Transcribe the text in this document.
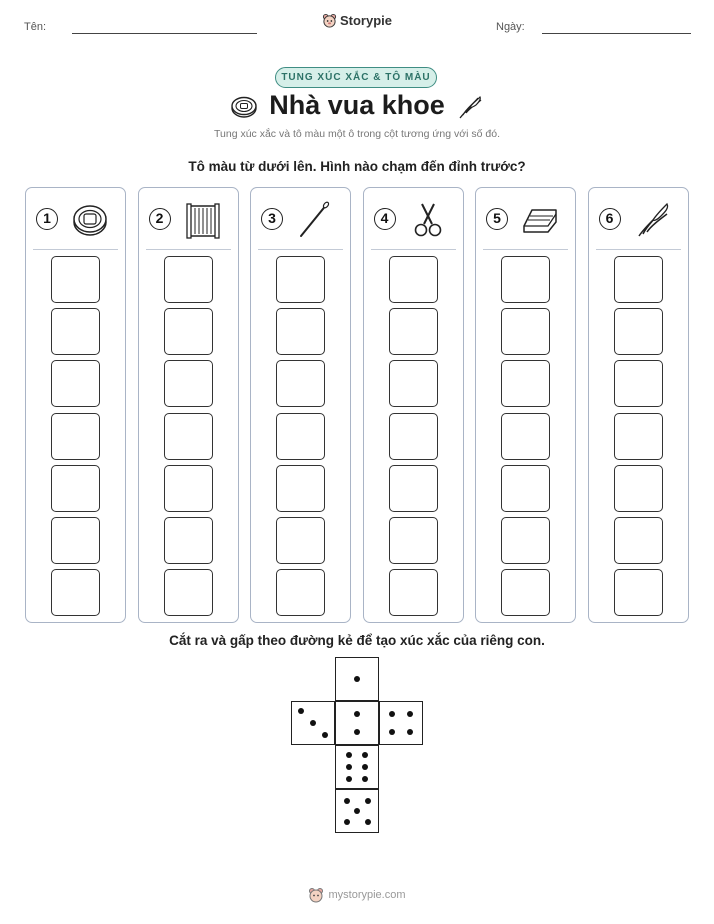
Tên:	Ngày:
Storypie
TUNG XÚC XẮC & TÔ MÀU
Nhà vua khoe
Tung xúc xắc và tô màu một ô trong cột tương ứng với số đó.
Tô màu từ dưới lên. Hình nào chạm đến đỉnh trước?
1	2	3	4	5	6
Cắt ra và gấp theo đường kẻ để tạo xúc xắc của riêng con.
mystorypie.com
